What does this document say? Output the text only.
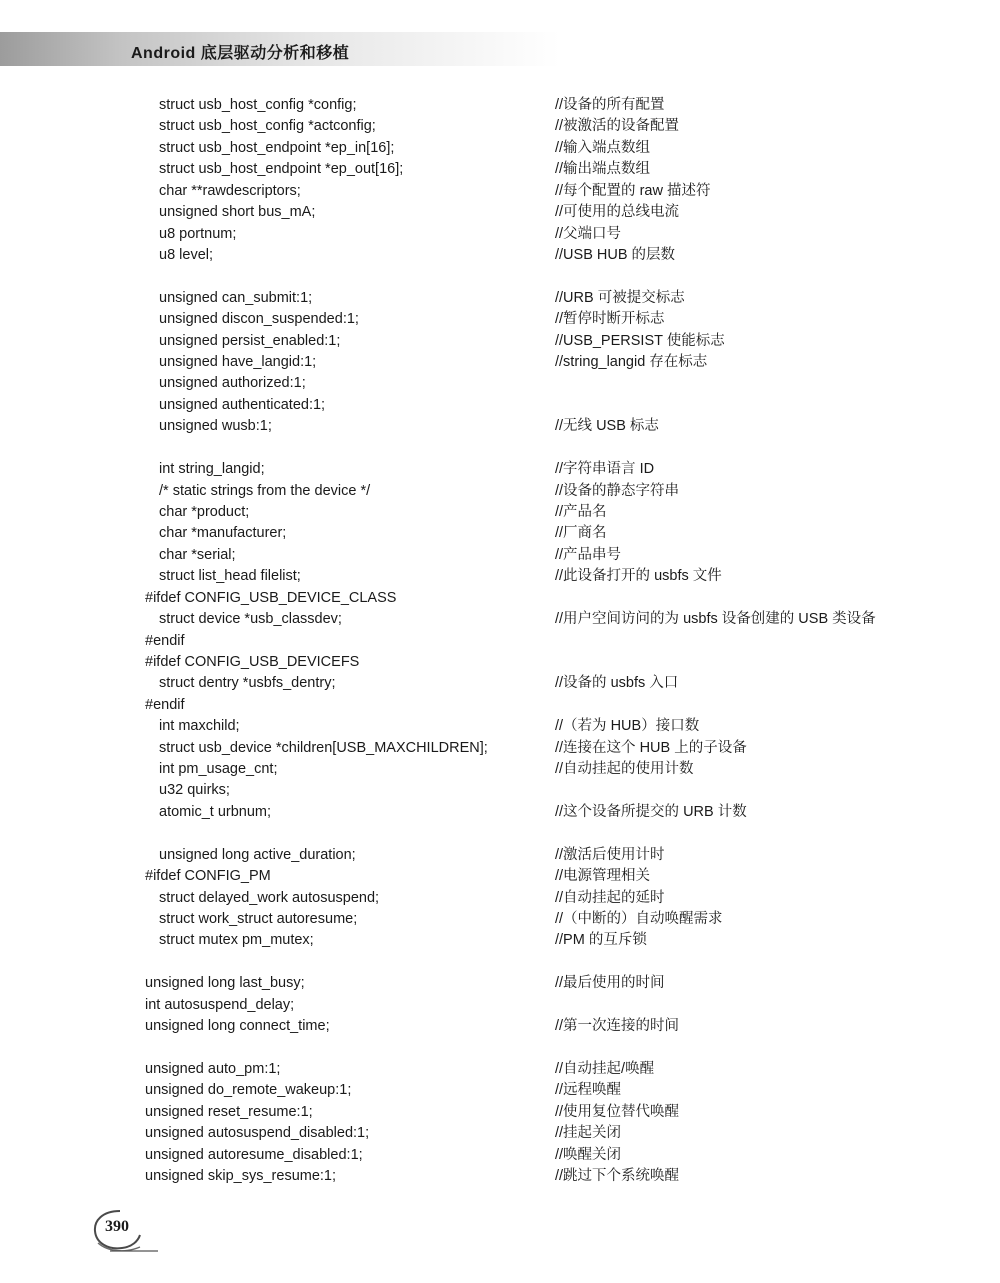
Android 底层驱动分析和移植
struct usb_host_config *config;	//设备的所有配置
struct usb_host_config *actconfig;	//被激活的设备配置
struct usb_host_endpoint *ep_in[16];	//输入端点数组
struct usb_host_endpoint *ep_out[16];	//输出端点数组
char **rawdescriptors;	//每个配置的 raw 描述符
unsigned short bus_mA;	//可使用的总线电流
u8 portnum;	//父端口号
u8 level;	//USB HUB 的层数
unsigned can_submit:1;	//URB 可被提交标志
unsigned discon_suspended:1;	//暂停时断开标志
unsigned persist_enabled:1;	//USB_PERSIST 使能标志
unsigned have_langid:1;	//string_langid 存在标志
unsigned authorized:1;
unsigned authenticated:1;
unsigned wusb:1;	//无线 USB 标志
int string_langid;	//字符串语言 ID
/* static strings from the device */	//设备的静态字符串
char *product;	//产品名
char *manufacturer;	//厂商名
char *serial;	//产品串号
struct list_head filelist;	//此设备打开的 usbfs 文件
#ifdef CONFIG_USB_DEVICE_CLASS
struct device *usb_classdev;	//用户空间访问的为 usbfs 设备创建的 USB 类设备
#endif
#ifdef CONFIG_USB_DEVICEFS
struct dentry *usbfs_dentry;	//设备的 usbfs 入口
#endif
int maxchild;	//（若为 HUB）接口数
struct usb_device *children[USB_MAXCHILDREN];	//连接在这个 HUB 上的子设备
int pm_usage_cnt;	//自动挂起的使用计数
u32 quirks;
atomic_t urbnum;	//这个设备所提交的 URB 计数
unsigned long active_duration;	//激活后使用计时
#ifdef CONFIG_PM	//电源管理相关
struct delayed_work autosuspend;	//自动挂起的延时
struct work_struct autoresume;	//（中断的）自动唤醒需求
struct mutex pm_mutex;	//PM 的互斥锁
unsigned long last_busy;	//最后使用的时间
int autosuspend_delay;
unsigned long connect_time;	//第一次连接的时间
unsigned auto_pm:1;	//自动挂起/唤醒
unsigned do_remote_wakeup:1;	//远程唤醒
unsigned reset_resume:1;	//使用复位替代唤醒
unsigned autosuspend_disabled:1;	//挂起关闭
unsigned autoresume_disabled:1;	//唤醒关闭
unsigned skip_sys_resume:1;	//跳过下个系统唤醒
390
